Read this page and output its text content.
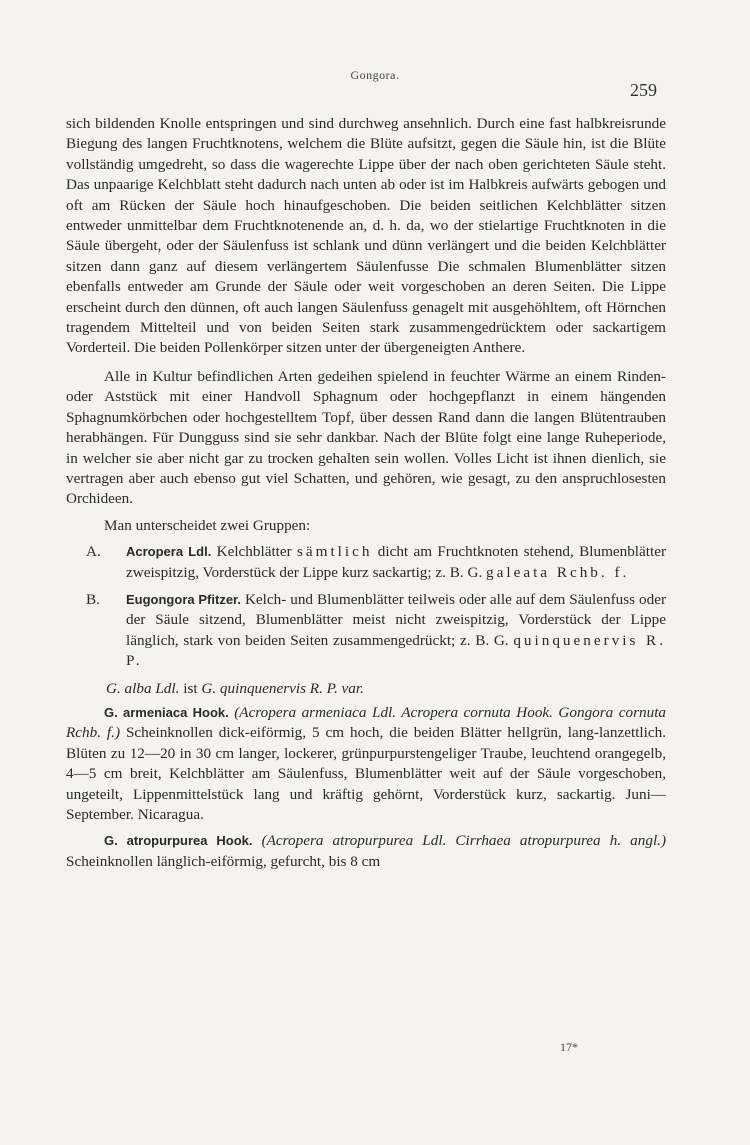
Gongora.
259

sich bildenden Knolle entspringen und sind durchweg ansehnlich. Durch eine fast halbkreisrunde Biegung des langen Fruchtknotens, welchem die Blüte aufsitzt, gegen die Säule hin, ist die Blüte vollständig umgedreht, so dass die wagerechte Lippe über der nach oben gerichteten Säule steht. Das unpaarige Kelchblatt steht dadurch nach unten ab oder ist im Halbkreis aufwärts gebogen und oft am Rücken der Säule hoch hinaufgeschoben. Die beiden seitlichen Kelchblätter sitzen entweder unmittelbar dem Fruchtknotenende an, d. h. da, wo der stielartige Fruchtknoten in die Säule übergeht, oder der Säulenfuss ist schlank und dünn verlängert und die beiden Kelchblätter sitzen dann ganz auf diesem verlängertem Säulenfusse Die schmalen Blumenblätter sitzen ebenfalls entweder am Grunde der Säule oder weit vorgeschoben an deren Seiten. Die Lippe erscheint durch den dünnen, oft auch langen Säulenfuss genagelt mit ausgehöhltem, oft Hörnchen tragendem Mittelteil und von beiden Seiten stark zusammengedrücktem oder sackartigem Vorderteil. Die beiden Pollenkörper sitzen unter der übergeneigten Anthere.

Alle in Kultur befindlichen Arten gedeihen spielend in feuchter Wärme an einem Rinden- oder Aststück mit einer Handvoll Sphagnum oder hochgepflanzt in einem hängenden Sphagnumkörbchen oder hochgestelltem Topf, über dessen Rand dann die langen Blütentrauben herabhängen. Für Dungguss sind sie sehr dankbar. Nach der Blüte folgt eine lange Ruheperiode, in welcher sie aber nicht gar zu trocken gehalten sein wollen. Volles Licht ist ihnen dienlich, sie vertragen aber auch ebenso gut viel Schatten, und gehören, wie gesagt, zu den anspruchlosesten Orchideen.

Man unterscheidet zwei Gruppen:

A.	Acropera Ldl. Kelchblätter sämtlich dicht am Fruchtknoten stehend, Blumenblätter zweispitzig, Vorderstück der Lippe kurz sackartig; z. B. G. galeata Rchb. f.
B.	Eugongora Pfitzer. Kelch- und Blumenblätter teilweis oder alle auf dem Säulenfuss oder der Säule sitzend, Blumenblätter meist nicht zweispitzig, Vorderstück der Lippe länglich, stark von beiden Seiten zusammengedrückt; z. B. G. quinquenervis R. P.
G. alba Ldl. ist G. quinquenervis R. P. var.

G. armeniaca Hook. (Acropera armeniaca Ldl. Acropera cornuta Hook. Gongora cornuta Rchb. f.) Scheinknollen dick-eiförmig, 5 cm hoch, die beiden Blätter hellgrün, lang-lanzettlich. Blüten zu 12—20 in 30 cm langer, lockerer, grünpurpurstengeliger Traube, leuchtend orangegelb, 4—5 cm breit, Kelchblätter am Säulenfuss, Blumenblätter weit auf der Säule vorgeschoben, ungeteilt, Lippenmittelstück lang und kräftig gehörnt, Vorderstück kurz, sackartig. Juni—September. Nicaragua.

G. atropurpurea Hook. (Acropera atropurpurea Ldl. Cirrhaea atropurpurea h. angl.) Scheinknollen länglich-eiförmig, gefurcht, bis 8 cm

17*
